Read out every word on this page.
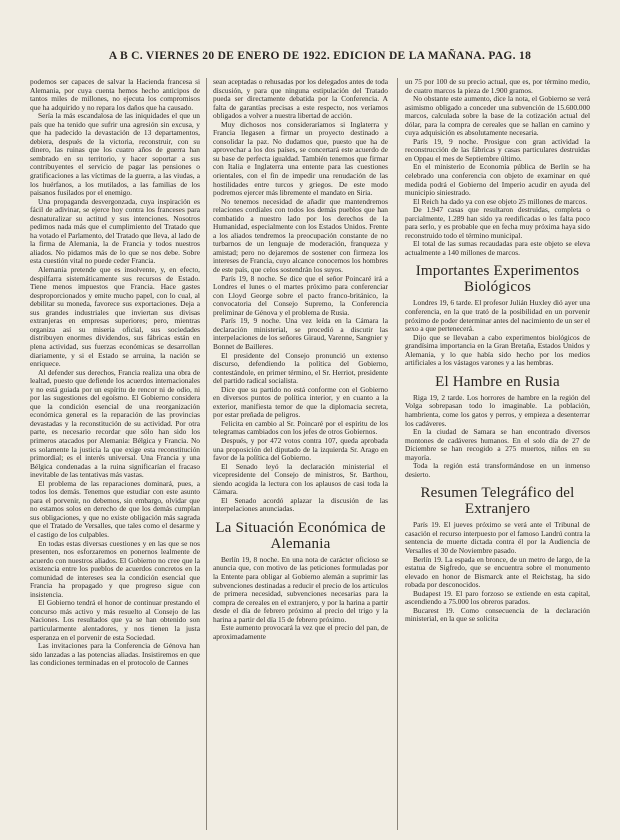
A B C. VIERNES 20 DE ENERO DE 1922. EDICION DE LA MAÑANA. PAG. 18

podemos ser capaces de salvar la Hacienda francesa si Alemania, por cuya cuenta hemos hecho anticipos de tantos miles de millones, no ejecuta los compromisos que ha adquirido y no repara los daños que ha causado.

Sería la más escandalosa de las iniquidades el que un país que ha tenido que sufrir una agresión sin excusa, y que ha padecido la devastación de 13 departamentos, debiera, después de la victoria, reconstruir, con su dinero, las ruinas que los cuatro años de guerra han sembrado en su territorio, y hacer soportar a sus contribuyentes el servicio de pagar las pensiones o gratificaciones a las víctimas de la guerra, a las viudas, a los huérfanos, a los mutilados, a las familias de los paisanos fusilados por el enemigo.

Una propaganda desvergonzada, cuya inspiración es fácil de adivinar, se ejerce hoy contra los franceses para desnaturalizar su actitud y sus intenciones. Nosotros pedimos nada más que el cumplimiento del Tratado que ha votado el Parlamento, del Tratado que lleva, al lado de la firma de Alemania, la de Francia y todos nuestros aliados. No pidamos más de lo que se nos debe. Sobre esta cuestión vital no puede ceder Francia.

Alemania pretende que es insolvente, y, en efecto, despilfarra sistemáticamente sus recursos de Estado. Tiene menos impuestos que Francia. Hace gastes desproporcionados y emite mucho papel, con lo cual, al debilitar su moneda, favorece sus exportaciones. Deja a sus grandes industriales que inviertan sus divisas extranjeras en empresas superiores; pero, mientras organiza así su miseria oficial, sus sociedades distribuyen enormes dividendos, sus fábricas están en plena actividad, sus fuerzas económicas se desarrollan diariamente, y si el Estado se arruina, la nación se enriquece.

Al defender sus derechos, Francia realiza una obra de lealtad, puesto que defiende los acuerdos internacionales y no está guiada por un espíritu de rencor ni de odio, ni por las sugestiones del egoísmo. El Gobierno considera que la condición esencial de una reorganización económica general es la reparación de las provincias devastadas y la reconstitución de su actividad. Por otra parte, es necesario recordar que sólo han sido los primeros atacados por Alemania: Bélgica y Francia. No es solamente la justicia la que exige esta reconstitución primordial; es el interés universal. Una Francia y una Bélgica condenadas a la ruina significarían el fracaso inevitable de las tentativas más vastas.

El problema de las reparaciones dominará, pues, a todos los demás. Tenemos que estudiar con este asunto para el porvenir, no debemos, sin embargo, olvidar que no estamos solos en derecho de que los demás cumplan sus obligaciones, y que no existe obligación más sagrada que el Tratado de Versalles, que tales como el desarme y el castigo de los culpables.

En todas estas diversas cuestiones y en las que se nos presenten, nos esforzaremos en ponernos lealmente de acuerdo con nuestros aliados. El Gobierno no cree que la existencia entre los pueblos de acuerdos concretos en la comunidad de intereses sea la condición esencial que Francia ha propagado y que progreso sigue con insistencia.

El Gobierno tendrá el honor de continuar prestando el concurso más activo y más resuelto al Consejo de las Naciones. Los resultados que ya se han obtenido son particularmente alentadores, y nos tienen la justa esperanza en el porvenir de esta Sociedad.

Las invitaciones para la Conferencia de Génova han sido lanzadas a las potencias aliadas. Insistiremos en que las condiciones terminadas en el protocolo de Cannes

sean aceptadas o rehusadas por los delegados antes de toda discusión, y para que ninguna estipulación del Tratado pueda ser directamente debatida por la Conferencia. A falta de garantías precisas a este respecto, nos veríamos obligados a volver a nuestra libertad de acción.

Muy dichosos nos consideraríamos si Inglaterra y Francia llegasen a firmar un proyecto destinado a consolidar la paz. No dudamos que, puesto que ha de aprovechar a los dos países, se concertará este acuerdo de su base de perfecta igualdad. También tenemos que firmar con Italia e Inglaterra una entente para las cuestiones orientales, con el fin de impedir una renudación de las hostilidades entre turcos y griegos. De este modo podremos ejercer más libremente el mandato en Siria.

No tenemos necesidad de añadir que mantendremos relaciones cordiales con todos los demás pueblos que han combatido a nuestro lado por los derechos de la Humanidad, especialmente con los Estados Unidos. Frente a los aliados tendremos la preocupación constante de no turbarnos de un lenguaje de moderación, franqueza y amistad; pero no dejaremos de sostener con firmeza los intereses de Francia, cuyo alcance conocemos los hombres de este país, que celos sostendrán los suyos.

París 19, 8 noche. Se dice que el señor Poincaré irá a Londres el lunes o el martes próximo para conferenciar con Lloyd George sobre el pacto franco-británico, la convocatoria del Consejo Supremo, la Conferencia preliminar de Génova y el problema de Rusia.

París 19, 9 noche. Una vez leída en la Cámara la declaración ministerial, se procedió a discutir las interpelaciones de los señores Giraud, Varenne, Sangnier y Bonnet de Bailleres.

El presidente del Consejo pronunció un extenso discurso, defendiendo la política del Gobierno, contestándole, en primer término, el Sr. Herriot, presidente del partido radical socialista.

Dice que su partido no está conforme con el Gobierno en diversos puntos de política interior, y en cuanto a la exterior, manifiesta temor de que la diplomacia secreta, por estar preñada de peligros.

Felicita en cambio al Sr. Poincaré por el espíritu de los telegramas cambiados con los jefes de otros Gobiernos.

Después, y por 472 votos contra 107, queda aprobada una proposición del diputado de la izquierda Sr. Arago en favor de la política del Gobierno.

El Senado leyó la declaración ministerial el vicepresidente del Consejo de ministros, Sr. Barthou, siendo acogida la lectura con los aplausos de casi toda la Cámara.

El Senado acordó aplazar la discusión de las interpelaciones anunciadas.

La Situación Económica de Alemania

Berlín 19, 8 noche. En una nota de carácter oficioso se anuncia que, con motivo de las peticiones formuladas por la Entente para obligar al Gobierno alemán a suprimir las subvenciones destinadas a reducir el precio de los artículos de primera necesidad, subvenciones necesarias para la compra de cereales en el extranjero, y por la harina a partir desde el día de febrero próximo al precio del trigo y la harina a partir del día 15 de febrero próximo.

Este aumento provocará la vez que el precio del pan, de aproximadamente

un 75 por 100 de su precio actual, que es, por término medio, de cuatro marcos la pieza de 1.900 gramos.

No obstante este aumento, dice la nota, el Gobierno se verá asimismo obligado a conceder una subvención de 15.600.000 marcos, calculada sobre la base de la cotización actual del dólar, para la compra de cereales que se hallan en camino y cuya adquisición es absolutamente necesaria.

París 19, 9 noche. Prosigue con gran actividad la reconstrucción de las fábricas y casas particulares destruidas en Oppau el mes de Septiembre último.

En el ministerio de Economía pública de Berlín se ha celebrado una conferencia con objeto de examinar en qué medida podrá el Gobierno del Imperio acudir en ayuda del municipio siniestrado.

El Reich ha dado ya con ese objeto 25 millones de marcos.

De 1.947 casas que resultaron destruidas, completa o parcialmente, 1.289 han sido ya reedificadas o les falta poco para serlo, y es probable que en fecha muy próxima haya sido reconstruido todo el término municipal.

El total de las sumas recaudadas para este objeto se eleva actualmente a 140 millones de marcos.

Importantes Experimentos Biológicos

Londres 19, 6 tarde. El profesor Julián Huxley dió ayer una conferencia, en la que trató de la posibilidad en un porvenir próximo de poder determinar antes del nacimiento de un ser el sexo a que pertenecerá.

Dijo que se llevaban a cabo experimentos biológicos de grandísima importancia en la Gran Bretaña, Estados Unidos y Alemania, y lo que había sido hecho por los medios artificiales a los vástagos varones y a las hembras.

El Hambre en Rusia

Riga 19, 2 tarde. Los horrores de hambre en la región del Volga sobrepasan todo lo imaginable. La población, hambrienta, come los gatos y perros, y empieza a desenterrar los cadáveres.

En la ciudad de Samara se han encontrado diversos montones de cadáveres humanos. En el solo día de 27 de Diciembre se han recogido a 275 muertos, niños en su mayoría.

Toda la región está transformándose en un inmenso desierto.

Resumen Telegráfico del Extranjero

París 19. El jueves próximo se verá ante el Tribunal de casación el recurso interpuesto por el famoso Landrú contra la sentencia de muerte dictada contra él por la Audiencia de Versalles el 30 de Noviembre pasado.

Berlín 19. La espada en bronce, de un metro de largo, de la estatua de Sigfredo, que se encuentra sobre el monumento elevado en honor de Bismarck ante el Reichstag, ha sido robada por desconocidos.

Budapest 19. El paro forzoso se extiende en esta capital, ascendiendo a 75.000 los obreros parados.

Bucarest 19. Como consecuencia de la declaración ministerial, en la que se solicita
